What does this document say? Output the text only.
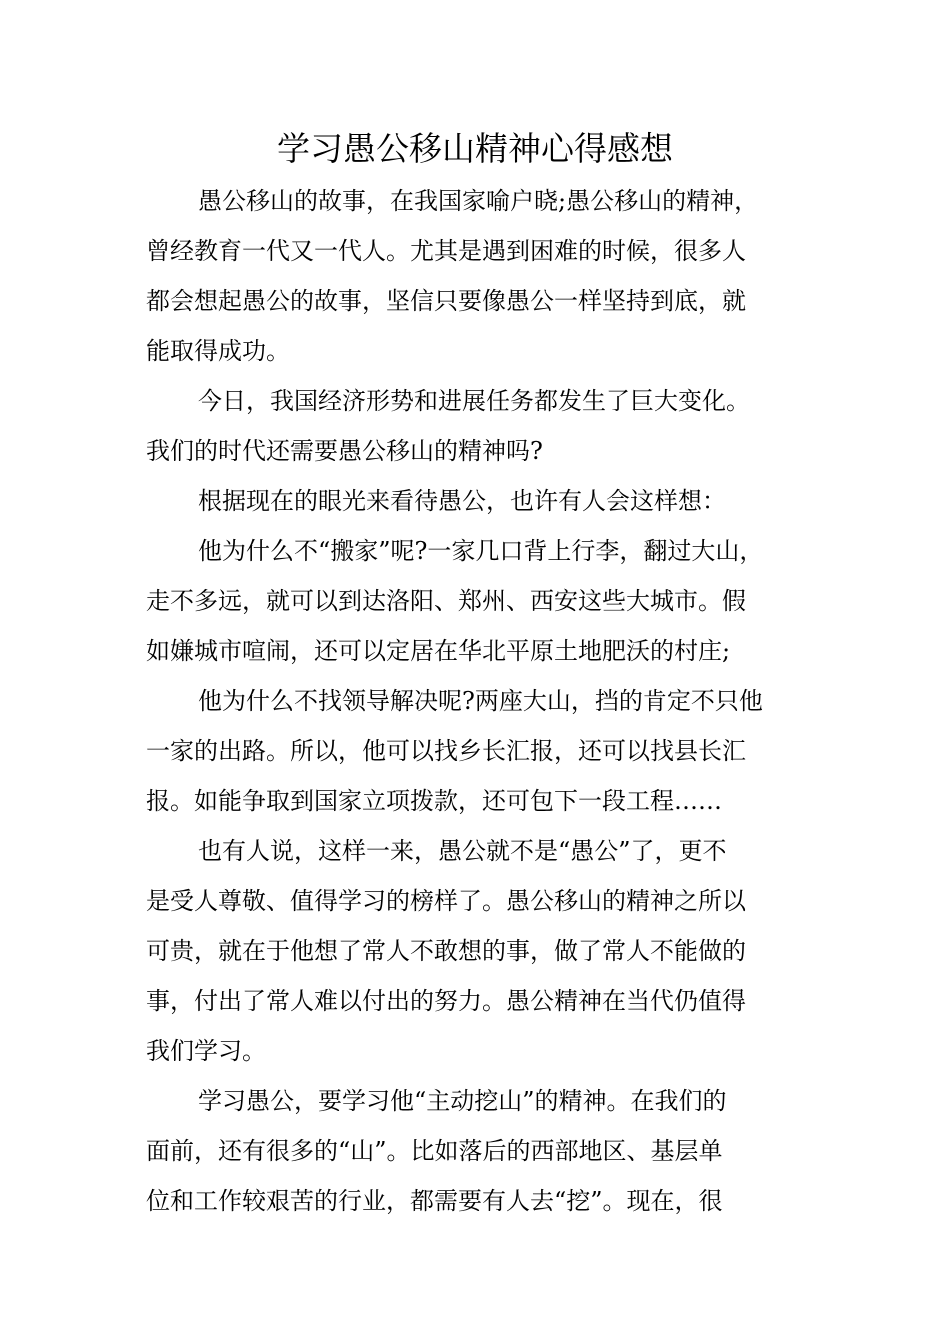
学习愚公移山精神心得感想

愚公移山的故事，在我国家喻户晓;愚公移山的精神，
曾经教育一代又一代人。尤其是遇到困难的时候，很多人
都会想起愚公的故事，坚信只要像愚公一样坚持到底，就
能取得成功。

今日，我国经济形势和进展任务都发生了巨大变化。
我们的时代还需要愚公移山的精神吗?

根据现在的眼光来看待愚公，也许有人会这样想：

他为什么不“搬家”呢?一家几口背上行李，翻过大山，
走不多远，就可以到达洛阳、郑州、西安这些大城市。假
如嫌城市喧闹，还可以定居在华北平原土地肥沃的村庄;

他为什么不找领导解决呢?两座大山，挡的肯定不只他
一家的出路。所以，他可以找乡长汇报，还可以找县长汇
报。如能争取到国家立项拨款，还可包下一段工程……

也有人说，这样一来，愚公就不是“愚公”了，更不
是受人尊敬、值得学习的榜样了。愚公移山的精神之所以
可贵，就在于他想了常人不敢想的事，做了常人不能做的
事，付出了常人难以付出的努力。愚公精神在当代仍值得
我们学习。

学习愚公，要学习他“主动挖山”的精神。在我们的
面前，还有很多的“山”。比如落后的西部地区、基层单
位和工作较艰苦的行业，都需要有人去“挖”。现在，很
